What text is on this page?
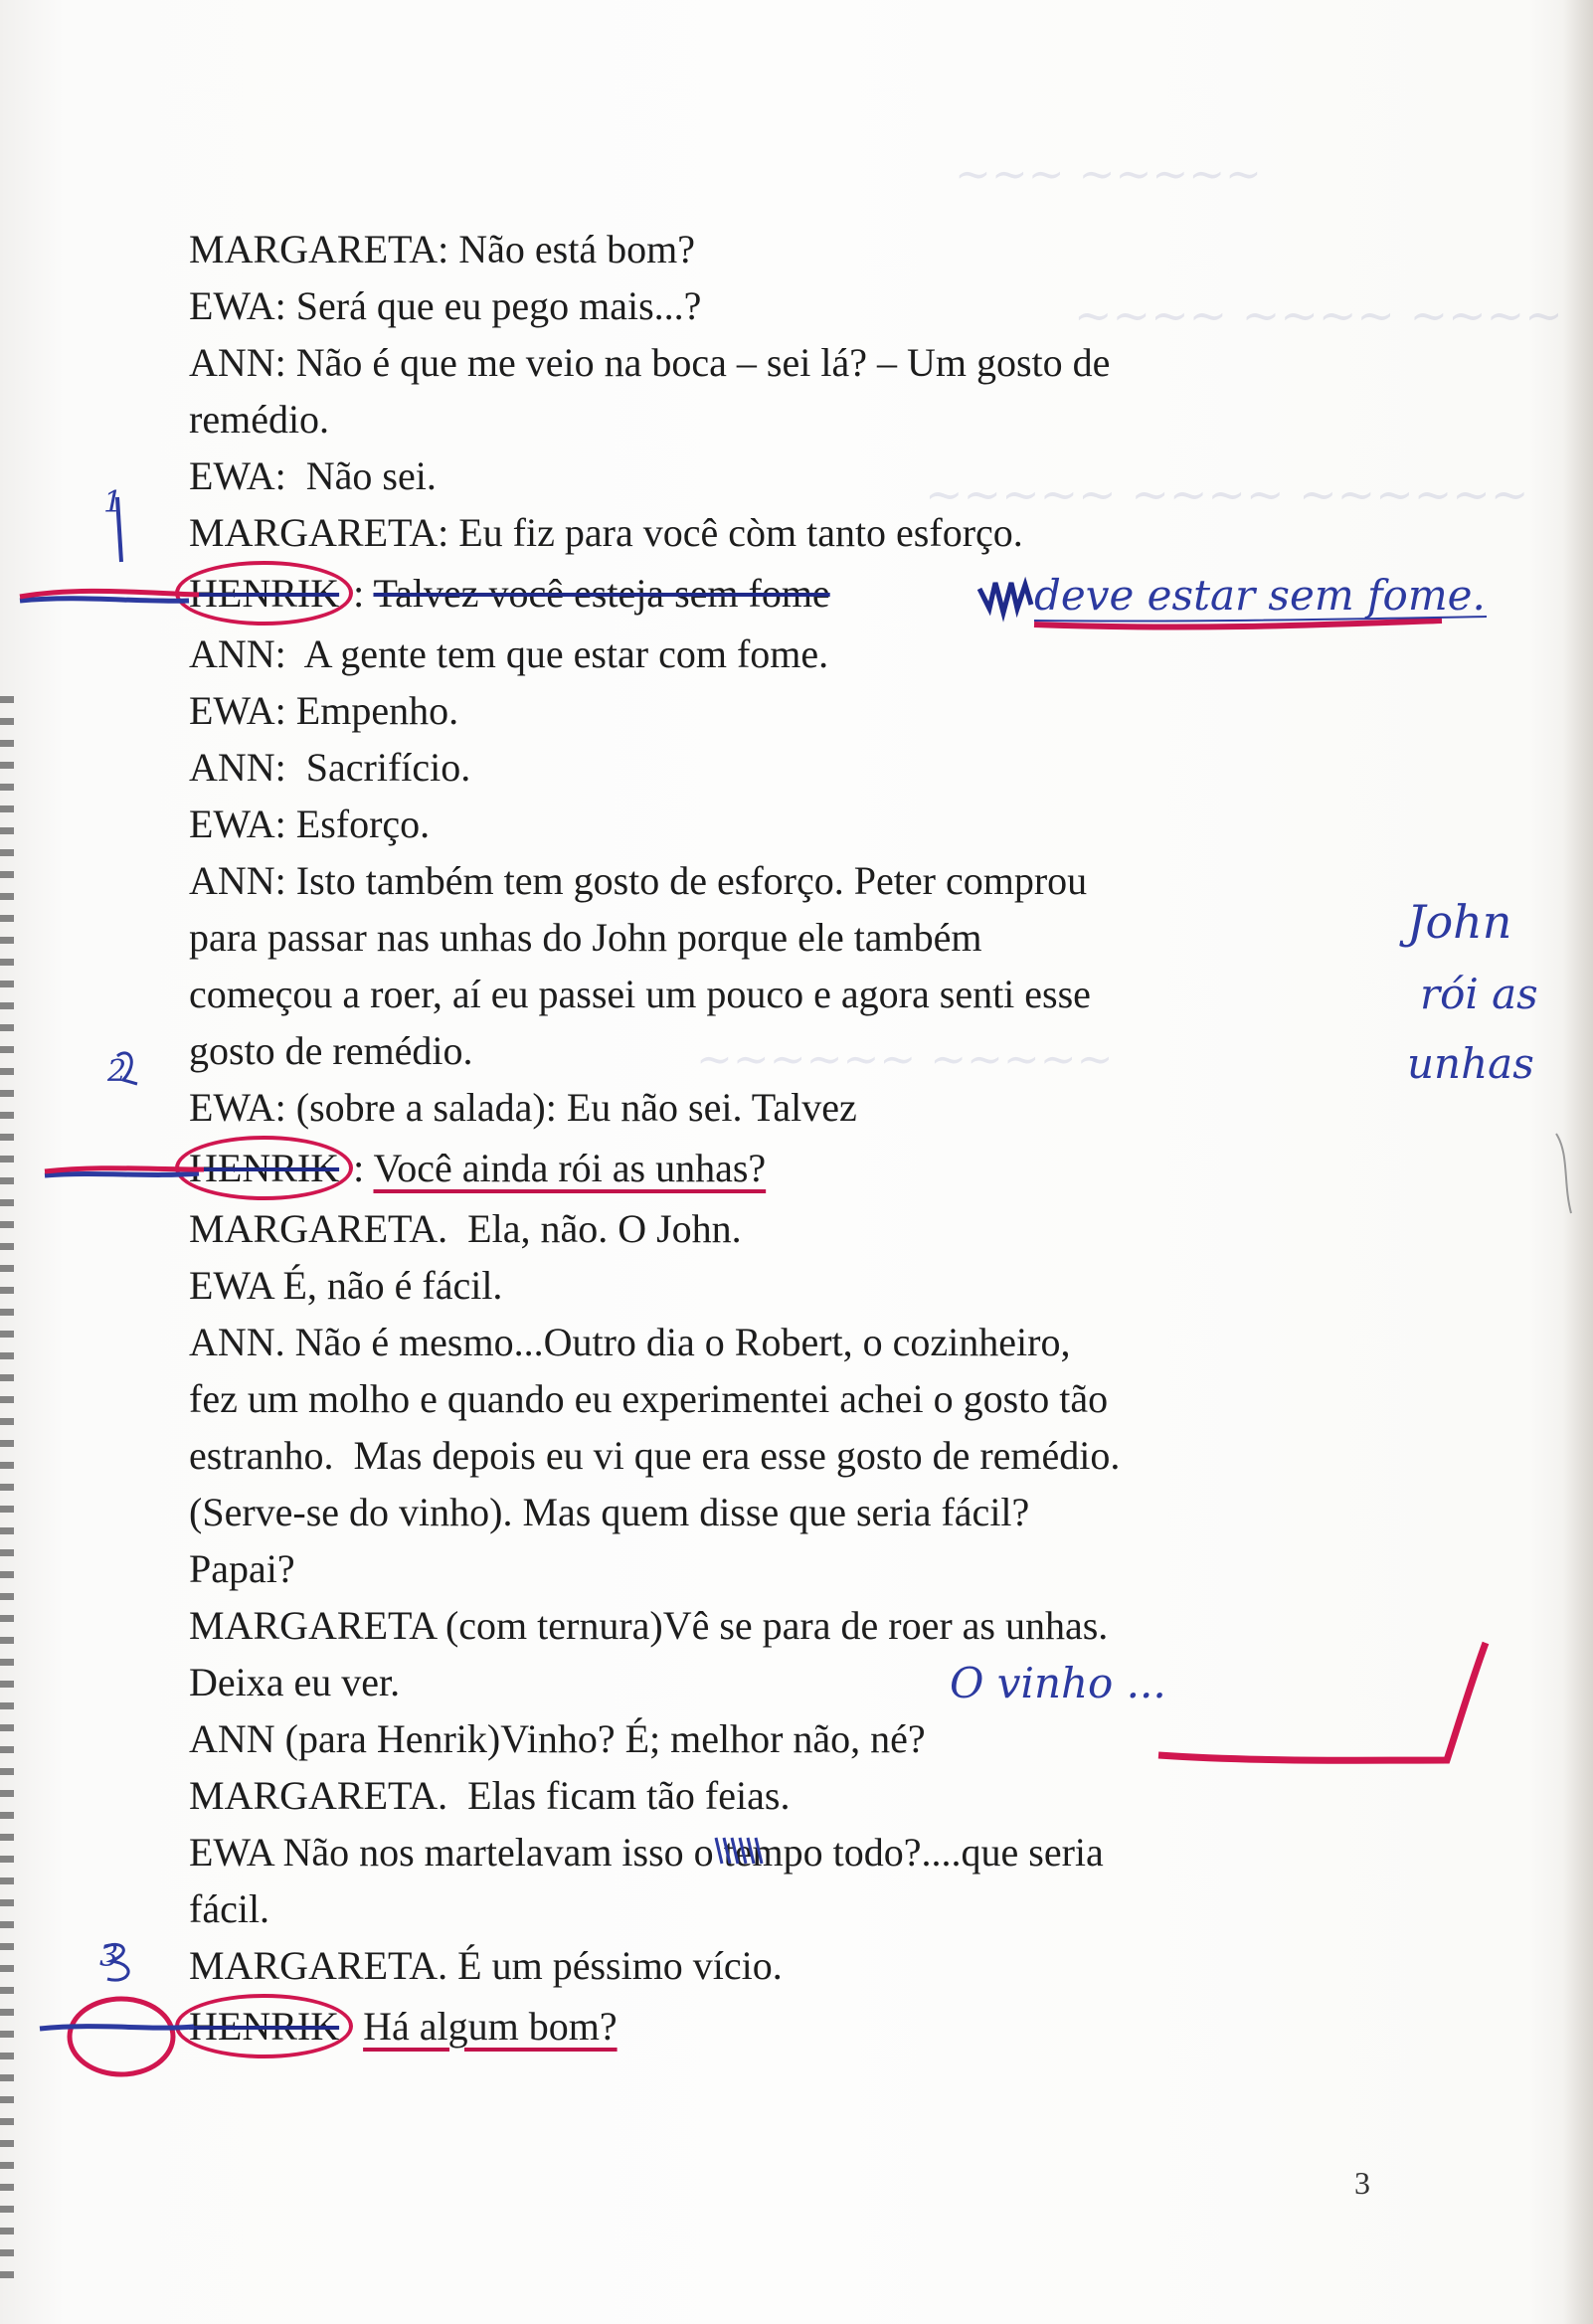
~~~ ~~~~~
~~~~ ~~~~ ~~~~
~~~~~ ~~~~ ~~~~~~
~~~~~~ ~~~~~
MARGARETA: Não está bom?
EWA: Será que eu pego mais...?
ANN: Não é que me veio na boca – sei lá? – Um gosto de
remédio.
EWA:  Não sei.
MARGARETA: Eu fiz para você còm tanto esforço.
HENRIK : Talvez você esteja sem fome
ANN:  A gente tem que estar com fome.
EWA: Empenho.
ANN:  Sacrifício.
EWA: Esforço.
ANN: Isto também tem gosto de esforço. Peter comprou
para passar nas unhas do John porque ele também
começou a roer, aí eu passei um pouco e agora senti esse
gosto de remédio.
EWA: (sobre a salada): Eu não sei. Talvez
HENRIK : Você ainda rói as unhas?
MARGARETA.  Ela, não. O John.
EWA É, não é fácil.
ANN. Não é mesmo...Outro dia o Robert, o cozinheiro,
fez um molho e quando eu experimentei achei o gosto tão
estranho.  Mas depois eu vi que era esse gosto de remédio.
(Serve-se do vinho). Mas quem disse que seria fácil?
Papai?
MARGARETA (com ternura)Vê se para de roer as unhas.
Deixa eu ver.
ANN (para Henrik)Vinho? É; melhor não, né?
MARGARETA.  Elas ficam tão feias.
EWA Não nos martelavam isso o tempo todo?....que seria
fácil.
MARGARETA. É um péssimo vício.
HENRIK Há algum bom?
1
deve estar sem fome.
John
rói as
unhas
2
O vinho ...
3
3
